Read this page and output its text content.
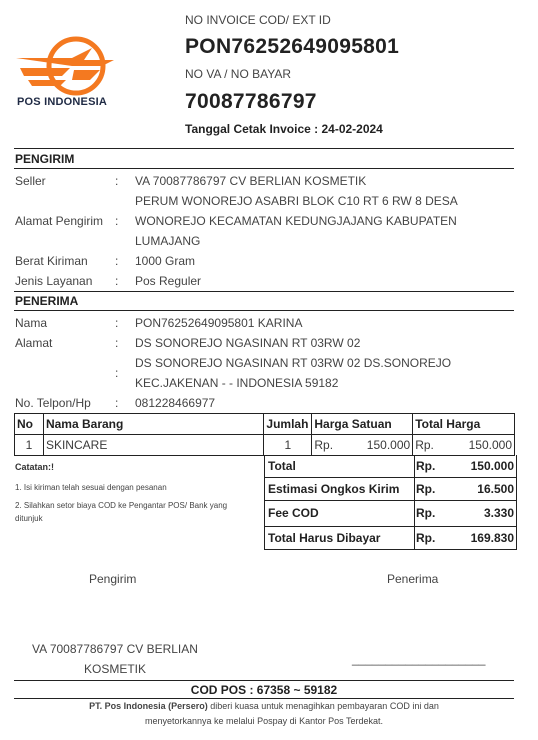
POS INDONESIA
NO INVOICE COD/ EXT ID
PON76252649095801
NO VA / NO BAYAR
70087786797
Tanggal Cetak Invoice : 24-02-2024
PENGIRIM
Seller	: VA 70087786797 CV BERLIAN KOSMETIK
PERUM WONOREJO ASABRI BLOK C10 RT 6 RW 8 DESA
Alamat Pengirim : WONOREJO KECAMATAN KEDUNGJAJANG KABUPATEN
LUMAJANG
Berat Kiriman : 1000 Gram
Jenis Layanan : Pos Reguler
PENERIMA
Nama	: PON76252649095801 KARINA
Alamat	: DS SONOREJO NGASINAN RT 03RW 02
:
DS SONOREJO NGASINAN RT 03RW 02 DS.SONOREJO
KEC.JAKENAN - - INDONESIA 59182
No. Telpon/Hp : 081228466977
No	Nama Barang	Jumlah	Harga Satuan	Total Harga
1	SKINCARE	1	Rp. 150.000	Rp. 150.000
Total	Rp.	150.000
Estimasi Ongkos Kirim Rp.	16.500
Fee COD	Rp.	3.330
Total Harus Dibayar	Rp.	169.830
Catatan:!
1. Isi kiriman telah sesuai dengan pesanan
2. Silahkan setor biaya COD ke Pengantar POS/ Bank yang
ditunjuk
Pengirim	Penerima
VA 70087786797 CV BERLIAN
KOSMETIK
____________________
COD POS : 67358 ~ 59182
PT. Pos Indonesia (Persero) diberi kuasa untuk menagihkan pembayaran COD ini dan
menyetorkannya ke melalui Pospay di Kantor Pos Terdekat.
